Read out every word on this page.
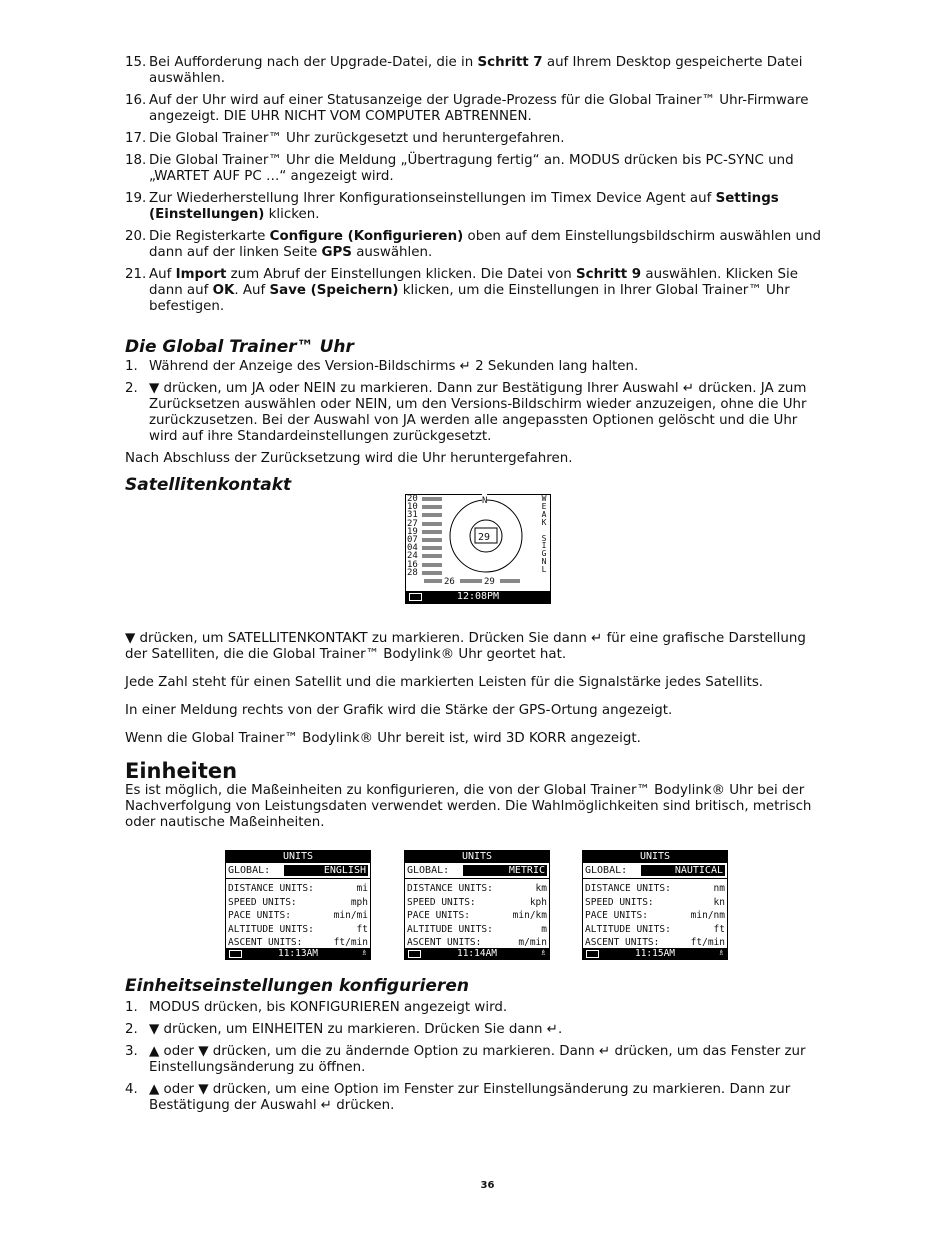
15. Bei Aufforderung nach der Upgrade-Datei, die in Schritt 7 auf Ihrem Desktop gespeicherte Datei auswählen.
16. Auf der Uhr wird auf einer Statusanzeige der Ugrade-Prozess für die Global Trainer™ Uhr-Firmware angezeigt. DIE UHR NICHT VOM COMPUTER ABTRENNEN.
17. Die Global Trainer™ Uhr zurückgesetzt und heruntergefahren.
18. Die Global Trainer™ Uhr die Meldung „Übertragung fertig“ an. MODUS drücken bis PC-SYNC und „WARTET AUF PC …“ angezeigt wird.
19. Zur Wiederherstellung Ihrer Konfigurationseinstellungen im Timex Device Agent auf Settings (Einstellungen) klicken.
20. Die Registerkarte Configure (Konfigurieren) oben auf dem Einstellungsbildschirm auswählen und dann auf der linken Seite GPS auswählen.
21. Auf Import zum Abruf der Einstellungen klicken. Die Datei von Schritt 9 auswählen. Klicken Sie dann auf OK. Auf Save (Speichern) klicken, um die Einstellungen in Ihrer Global Trainer™ Uhr befestigen.
Die Global Trainer™ Uhr
1. Während der Anzeige des Version-Bildschirms ↵ 2 Sekunden lang halten.
2. ▼ drücken, um JA oder NEIN zu markieren. Dann zur Bestätigung Ihrer Auswahl ↵ drücken. JA zum Zurücksetzen auswählen oder NEIN, um den Versions-Bildschirm wieder anzuzeigen, ohne die Uhr zurückzusetzen. Bei der Auswahl von JA werden alle angepassten Optionen gelöscht und die Uhr wird auf ihre Standardeinstellungen zurückgesetzt.

Nach Abschluss der Zurücksetzung wird die Uhr heruntergefahren.

Satellitenkontakt
20
10
31
27
19
07
04
24
16
28
N
29
26	29
W
E
A
K

S
I
G
N
L
12:08PM

▼ drücken, um SATELLITENKONTAKT zu markieren. Drücken Sie dann ↵ für eine grafische Darstellung der Satelliten, die die Global Trainer™ Bodylink® Uhr geortet hat.

Jede Zahl steht für einen Satellit und die markierten Leisten für die Signalstärke jedes Satellits.

In einer Meldung rechts von der Grafik wird die Stärke der GPS-Ortung angezeigt.

Wenn die Global Trainer™ Bodylink® Uhr bereit ist, wird 3D KORR angezeigt.

Einheiten

Es ist möglich, die Maßeinheiten zu konfigurieren, die von der Global Trainer™ Bodylink® Uhr bei der Nachverfolgung von Leistungsdaten verwendet werden. Die Wahlmöglichkeiten sind britisch, metrisch oder nautische Maßeinheiten.

UNITS
GLOBAL:	ENGLISH
DISTANCE UNITS:	mi
SPEED UNITS:	mph
PACE UNITS:	min/mi
ALTITUDE UNITS:	ft
ASCENT UNITS:	ft/min
11:13AM	♗
UNITS
GLOBAL:	METRIC
DISTANCE UNITS:	km
SPEED UNITS:	kph
PACE UNITS:	min/km
ALTITUDE UNITS:	m
ASCENT UNITS:	m/min
11:14AM	♗
UNITS
GLOBAL:	NAUTICAL
DISTANCE UNITS:	nm
SPEED UNITS:	kn
PACE UNITS:	min/nm
ALTITUDE UNITS:	ft
ASCENT UNITS:	ft/min
11:15AM	♗
Einheitseinstellungen konfigurieren
1. MODUS drücken, bis KONFIGURIEREN angezeigt wird.
2. ▼ drücken, um EINHEITEN zu markieren. Drücken Sie dann ↵.
3. ▲ oder ▼ drücken, um die zu ändernde Option zu markieren. Dann ↵ drücken, um das Fenster zur Einstellungsänderung zu öffnen.
4. ▲ oder ▼ drücken, um eine Option im Fenster zur Einstellungsänderung zu markieren. Dann zur Bestätigung der Auswahl ↵ drücken.
36
